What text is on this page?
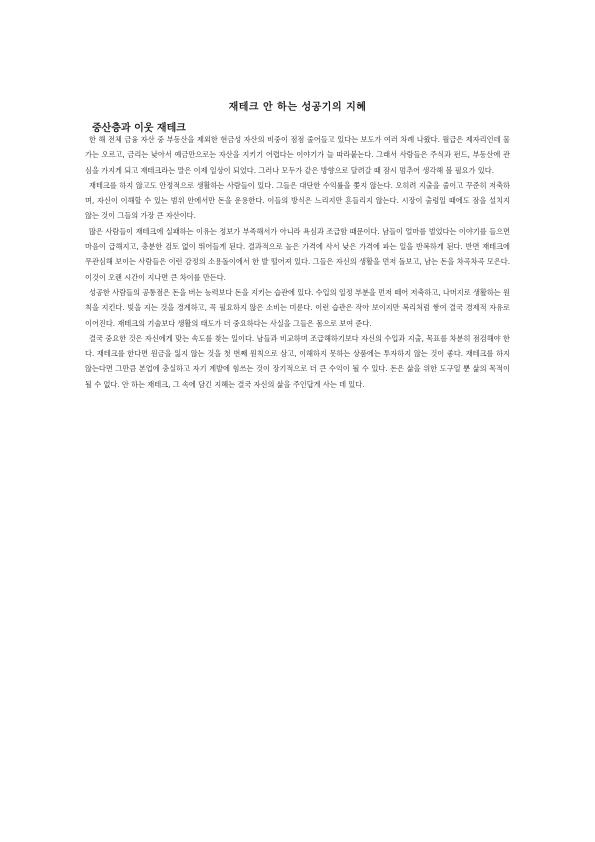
재테크 안 하는 성공기의 지혜
중산층과 이웃 재테크

한 해 전체 금융 자산 중 부동산을 제외한 현금성 자산의 비중이 점점 줄어들고 있다는 보도가 여러 차례 나왔다. 월급은 제자리인데 물가는 오르고, 금리는 낮아서 예금만으로는 자산을 지키기 어렵다는 이야기가 늘 따라붙는다. 그래서 사람들은 주식과 펀드, 부동산에 관심을 가지게 되고 재테크라는 말은 이제 일상이 되었다. 그러나 모두가 같은 방향으로 달려갈 때 잠시 멈추어 생각해 볼 필요가 있다.

재테크를 하지 않고도 안정적으로 생활하는 사람들이 있다. 그들은 대단한 수익률을 쫓지 않는다. 오히려 지출을 줄이고 꾸준히 저축하며, 자신이 이해할 수 있는 범위 안에서만 돈을 운용한다. 이들의 방식은 느리지만 흔들리지 않는다. 시장이 출렁일 때에도 잠을 설치지 않는 것이 그들의 가장 큰 자산이다.

많은 사람들이 재테크에 실패하는 이유는 정보가 부족해서가 아니라 욕심과 조급함 때문이다. 남들이 얼마를 벌었다는 이야기를 들으면 마음이 급해지고, 충분한 검토 없이 뛰어들게 된다. 결과적으로 높은 가격에 사서 낮은 가격에 파는 일을 반복하게 된다. 반면 재테크에 무관심해 보이는 사람들은 이런 감정의 소용돌이에서 한 발 떨어져 있다. 그들은 자신의 생활을 먼저 돌보고, 남는 돈을 차곡차곡 모은다. 이것이 오랜 시간이 지나면 큰 차이를 만든다.

성공한 사람들의 공통점은 돈을 버는 능력보다 돈을 지키는 습관에 있다. 수입의 일정 부분을 먼저 떼어 저축하고, 나머지로 생활하는 원칙을 지킨다. 빚을 지는 것을 경계하고, 꼭 필요하지 않은 소비는 미룬다. 이런 습관은 작아 보이지만 복리처럼 쌓여 결국 경제적 자유로 이어진다. 재테크의 기술보다 생활의 태도가 더 중요하다는 사실을 그들은 몸으로 보여 준다.

결국 중요한 것은 자신에게 맞는 속도를 찾는 일이다. 남들과 비교하며 조급해하기보다 자신의 수입과 지출, 목표를 차분히 점검해야 한다. 재테크를 한다면 원금을 잃지 않는 것을 첫 번째 원칙으로 삼고, 이해하지 못하는 상품에는 투자하지 않는 것이 좋다. 재테크를 하지 않는다면 그만큼 본업에 충실하고 자기 계발에 힘쓰는 것이 장기적으로 더 큰 수익이 될 수 있다. 돈은 삶을 위한 도구일 뿐 삶의 목적이 될 수 없다. 안 하는 재테크, 그 속에 담긴 지혜는 결국 자신의 삶을 주인답게 사는 데 있다.
